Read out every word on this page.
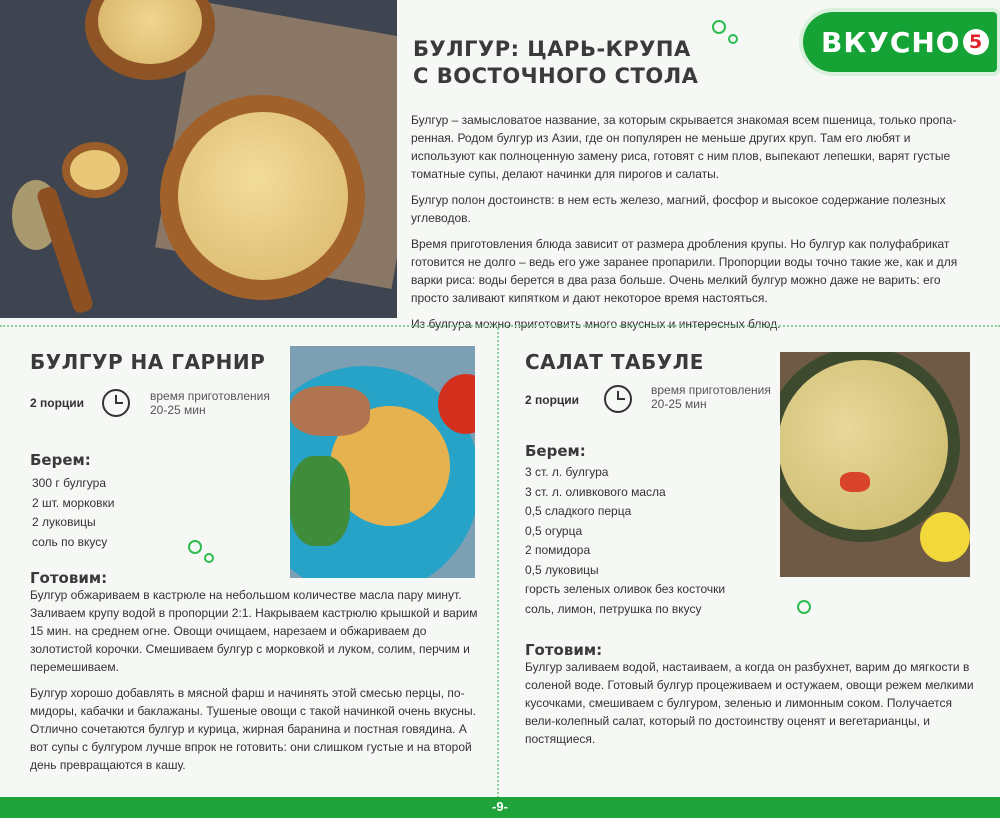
ВКУСНО 5
БУЛГУР: ЦАРЬ-КРУПА
С ВОСТОЧНОГО СТОЛА

Булгур – замысловатое название, за которым скрывается знакомая всем пшеница, только пропа-ренная. Родом булгур из Азии, где он популярен не меньше других круп. Там его любят и используют как полноценную замену риса, готовят с ним плов, выпекают лепешки, варят густые томатные супы, делают начинки для пирогов и салаты.

Булгур полон достоинств: в нем есть железо, магний, фосфор и высокое содержание полезных углеводов.

Время приготовления блюда зависит от размера дробления крупы. Но булгур как полуфабрикат готовится не долго – ведь его уже заранее пропарили. Пропорции воды точно такие же, как и для варки риса: воды берется в два раза больше. Очень мелкий булгур можно даже не варить: его просто заливают кипятком и дают некоторое время настояться.

Из булгура можно приготовить много вкусных и интересных блюд.

БУЛГУР НА ГАРНИР
2 порции	время приготовления
20-25 мин
Берем:
300 г булгура
2 шт. морковки
2 луковицы
соль по вкусу
Готовим:

Булгур обжариваем в кастрюле на небольшом количестве масла пару минут. Заливаем крупу водой в пропорции 2:1. Накрываем кастрюлю крышкой и варим 15 мин. на среднем огне. Овощи очищаем, нарезаем и обжариваем до золотистой корочки. Смешиваем булгур с морковкой и луком, солим, перчим и перемешиваем.

Булгур хорошо добавлять в мясной фарш и начинять этой смесью перцы, по-мидоры, кабачки и баклажаны. Тушеные овощи с такой начинкой очень вкусны. Отлично сочетаются булгур и курица, жирная баранина и постная говядина. А вот супы с булгуром лучше впрок не готовить: они слишком густые и на второй день превращаются в кашу.

САЛАТ ТАБУЛЕ
2 порции
время приготовления
20-25 мин
Берем:
3 ст. л. булгура
3 ст. л. оливкового масла
0,5 сладкого перца
0,5 огурца
2 помидора
0,5 луковицы
горсть зеленых оливок без косточки
соль, лимон, петрушка по вкусу
Готовим:

Булгур заливаем водой, настаиваем, а когда он разбухнет, варим до мягкости в соленой воде. Готовый булгур процеживаем и остужаем, овощи режем мелкими кусочками, смешиваем с булгуром, зеленью и лимонным соком. Получается вели-колепный салат, который по достоинству оценят и вегетарианцы, и постящиеся.

-9-
